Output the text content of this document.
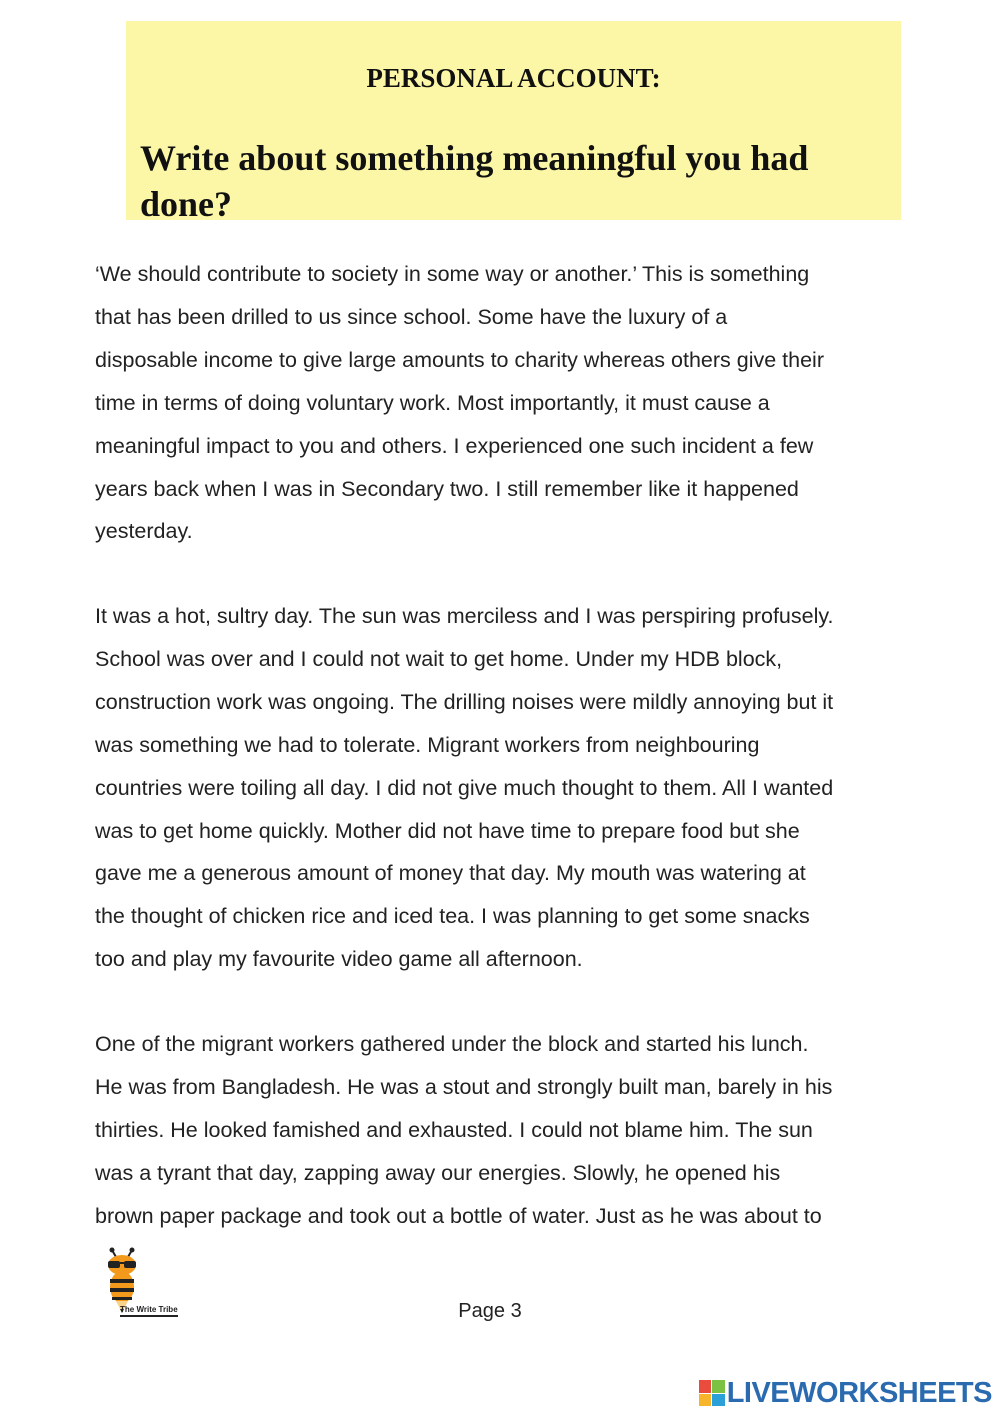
PERSONAL ACCOUNT:
Write about something meaningful you had
done?
‘We should contribute to society in some way or another.’ This is something
that has been drilled to us since school. Some have the luxury of a
disposable income to give large amounts to charity whereas others give their
time in terms of doing voluntary work. Most importantly, it must cause a
meaningful impact to you and others. I experienced one such incident a few
years back when I was in Secondary two. I still remember like it happened
yesterday.
It was a hot, sultry day. The sun was merciless and I was perspiring profusely.
School was over and I could not wait to get home. Under my HDB block,
construction work was ongoing. The drilling noises were mildly annoying but it
was something we had to tolerate. Migrant workers from neighbouring
countries were toiling all day. I did not give much thought to them. All I wanted
was to get home quickly. Mother did not have time to prepare food but she
gave me a generous amount of money that day. My mouth was watering at
the thought of chicken rice and iced tea. I was planning to get some snacks
too and play my favourite video game all afternoon.
One of the migrant workers gathered under the block and started his lunch.
He was from Bangladesh. He was a stout and strongly built man, barely in his
thirties. He looked famished and exhausted. I could not blame him. The sun
was a tyrant that day, zapping away our energies. Slowly, he opened his
brown paper package and took out a bottle of water. Just as he was about to
The Write Tribe	Page 3
LIVEWORKSHEETS
